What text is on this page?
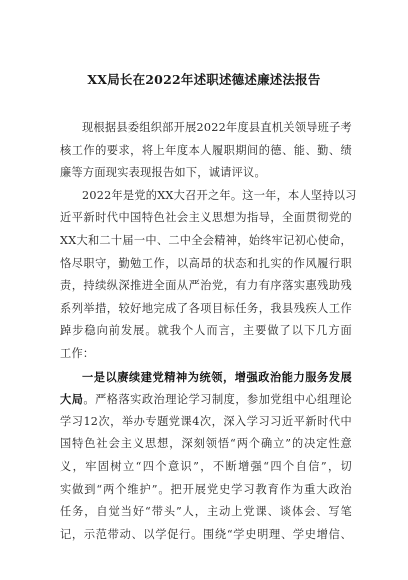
XX局长在2022年述职述德述廉述法报告
现根据县委组织部开展2022年度县直机关领导班子考
核工作的要求，将上年度本人履职期间的德、能、勤、绩
廉等方面现实表现报告如下，诚请评议。
2022年是党的XX大召开之年。这一年，本人坚持以习
近平新时代中国特色社会主义思想为指导，全面贯彻党的
XX大和二十届一中、二中全会精神，始终牢记初心使命，
恪尽职守，勤勉工作，以高昂的状态和扎实的作风履行职
责，持续纵深推进全面从严治党，有力有序落实惠残助残
系列举措，较好地完成了各项目标任务，我县残疾人工作
踔步稳向前发展。就我个人而言，主要做了以下几方面
工作：
一是以赓续建党精神为统领，增强政治能力服务发展
大局。严格落实政治理论学习制度，参加党组中心组理论
学习12次，举办专题党课4次，深入学习习近平新时代中
国特色社会主义思想，深刻领悟“两个确立”的决定性意
义，牢固树立“四个意识”，不断增强“四个自信”，切
实做到“两个维护”。把开展党史学习教育作为重大政治
任务，自觉当好“带头”人，主动上党课、谈体会、写笔
记，示范带动、以学促行。围绕“学史明理、学史增信、
